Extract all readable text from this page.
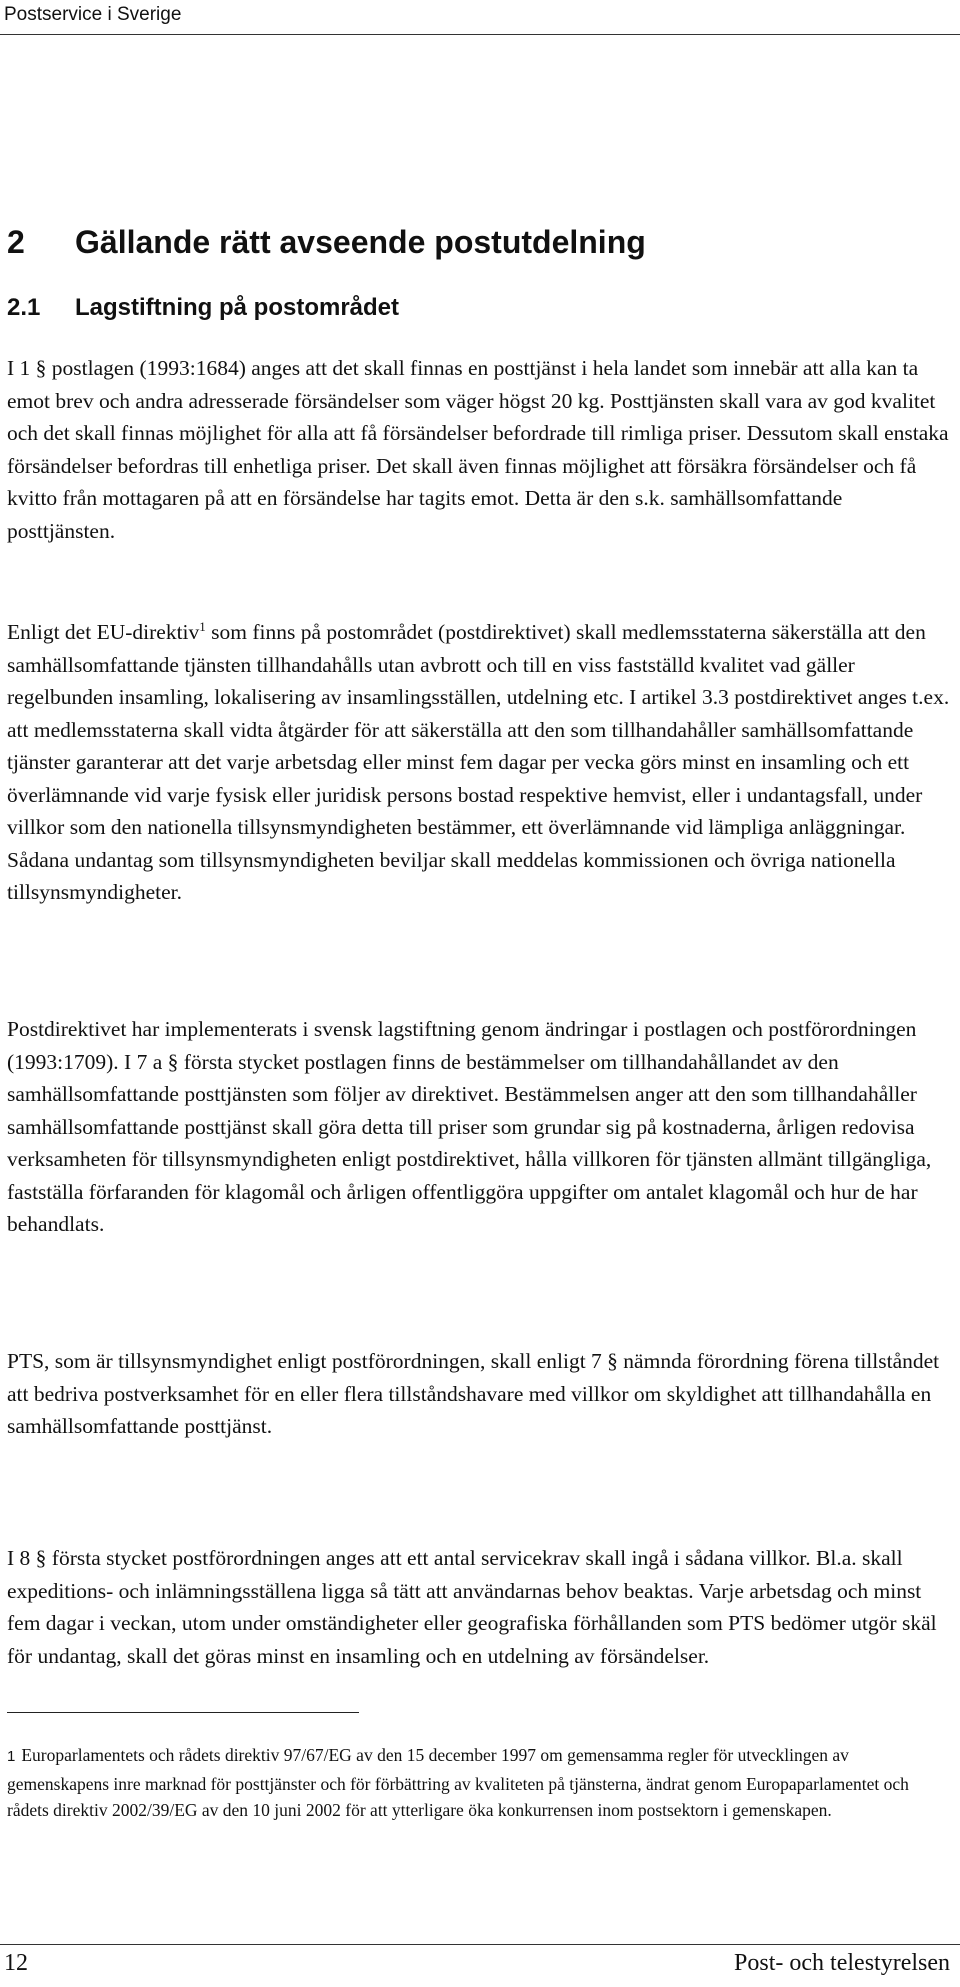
Postservice i Sverige
2 Gällande rätt avseende postutdelning
2.1 Lagstiftning på postområdet

I 1 § postlagen (1993:1684) anges att det skall finnas en posttjänst i hela landet som innebär att alla kan ta emot brev och andra adresserade försändelser som väger högst 20 kg. Posttjänsten skall vara av god kvalitet och det skall finnas möjlighet för alla att få försändelser befordrade till rimliga priser. Dessutom skall enstaka försändelser befordras till enhetliga priser. Det skall även finnas möjlighet att försäkra försändelser och få kvitto från mottagaren på att en försändelse har tagits emot. Detta är den s.k. samhällsomfattande posttjänsten.

Enligt det EU-direktiv$^1$ som finns på postområdet (postdirektivet) skall medlemsstaterna säkerställa att den samhällsomfattande tjänsten tillhandahålls utan avbrott och till en viss fastställd kvalitet vad gäller regelbunden insamling, lokalisering av insamlingsställen, utdelning etc. I artikel 3.3 postdirektivet anges t.ex. att medlemsstaterna skall vidta åtgärder för att säkerställa att den som tillhandahåller samhällsomfattande tjänster garanterar att det varje arbetsdag eller minst fem dagar per vecka görs minst en insamling och ett överlämnande vid varje fysisk eller juridisk persons bostad respektive hemvist, eller i undantagsfall, under villkor som den nationella tillsynsmyndigheten bestämmer, ett överlämnande vid lämpliga anläggningar. Sådana undantag som tillsynsmyndigheten beviljar skall meddelas kommissionen och övriga nationella tillsynsmyndigheter.

Postdirektivet har implementerats i svensk lagstiftning genom ändringar i postlagen och postförordningen (1993:1709). I 7 a § första stycket postlagen finns de bestämmelser om tillhandahållandet av den samhällsomfattande posttjänsten som följer av direktivet. Bestämmelsen anger att den som tillhandahåller samhällsomfattande posttjänst skall göra detta till priser som grundar sig på kostnaderna, årligen redovisa verksamheten för tillsynsmyndigheten enligt postdirektivet, hålla villkoren för tjänsten allmänt tillgängliga, fastställa förfaranden för klagomål och årligen offentliggöra uppgifter om antalet klagomål och hur de har behandlats.

PTS, som är tillsynsmyndighet enligt postförordningen, skall enligt 7 § nämnda förordning förena tillståndet att bedriva postverksamhet för en eller flera tillståndshavare med villkor om skyldighet att tillhandahålla en samhällsomfattande posttjänst.

I 8 § första stycket postförordningen anges att ett antal servicekrav skall ingå i sådana villkor. Bl.a. skall expeditions- och inlämningsställena ligga så tätt att användarnas behov beaktas. Varje arbetsdag och minst fem dagar i veckan, utom under omständigheter eller geografiska förhållanden som PTS bedömer utgör skäl för undantag, skall det göras minst en insamling och en utdelning av försändelser.

1 Europarlamentets och rådets direktiv 97/67/EG av den 15 december 1997 om gemensamma regler för utvecklingen av gemenskapens inre marknad för posttjänster och för förbättring av kvaliteten på tjänsterna, ändrat genom Europaparlamentet och rådets direktiv 2002/39/EG av den 10 juni 2002 för att ytterligare öka konkurrensen inom postsektorn i gemenskapen.

12	Post- och telestyrelsen
